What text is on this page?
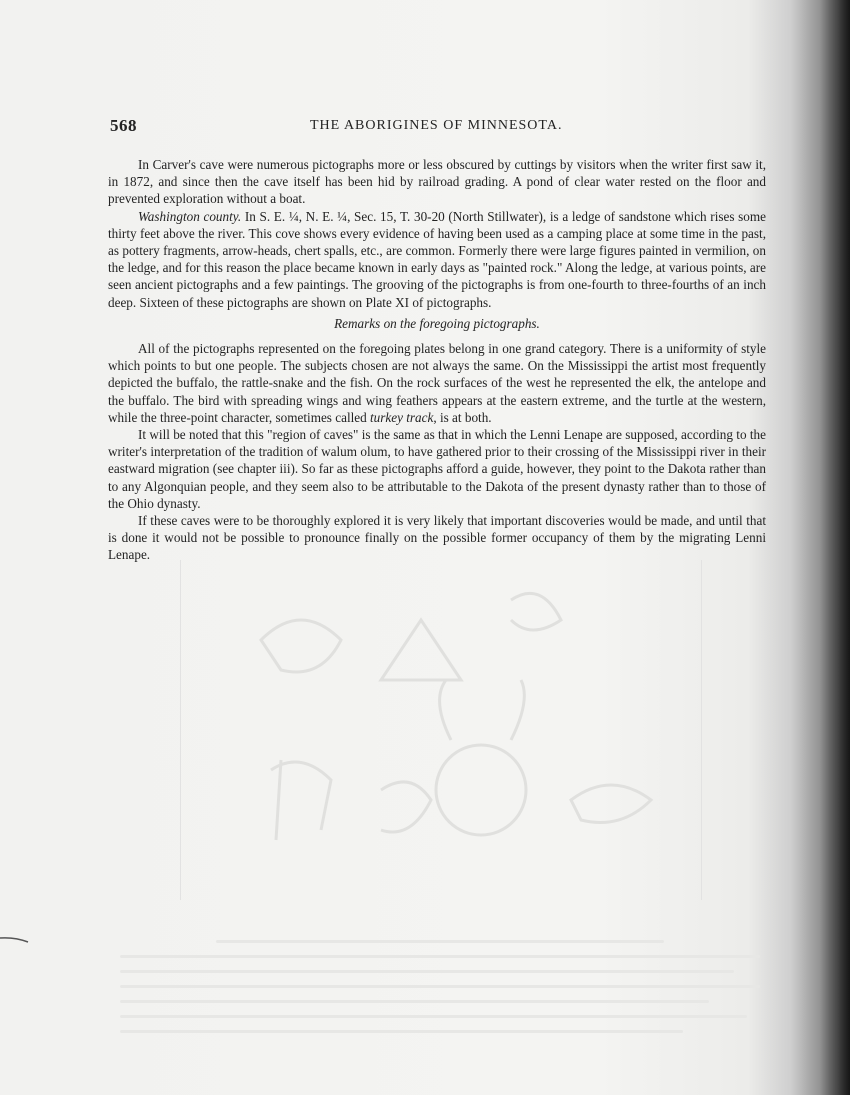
568	THE ABORIGINES OF MINNESOTA.

In Carver's cave were numerous pictographs more or less obscured by cuttings by visitors when the writer first saw it, in 1872, and since then the cave itself has been hid by railroad grading. A pond of clear water rested on the floor and prevented exploration without a boat.

Washington county. In S. E. ¼, N. E. ¼, Sec. 15, T. 30-20 (North Stillwater), is a ledge of sandstone which rises some thirty feet above the river. This cove shows every evidence of having been used as a camping place at some time in the past, as pottery fragments, arrow-heads, chert spalls, etc., are common. Formerly there were large figures painted in vermilion, on the ledge, and for this reason the place became known in early days as "painted rock." Along the ledge, at various points, are seen ancient pictographs and a few paintings. The grooving of the pictographs is from one-fourth to three-fourths of an inch deep. Sixteen of these pictographs are shown on Plate XI of pictographs.

Remarks on the foregoing pictographs.

All of the pictographs represented on the foregoing plates belong in one grand category. There is a uniformity of style which points to but one people. The subjects chosen are not always the same. On the Mississippi the artist most frequently depicted the buffalo, the rattle-snake and the fish. On the rock surfaces of the west he represented the elk, the antelope and the buffalo. The bird with spreading wings and wing feathers appears at the eastern extreme, and the turtle at the western, while the three-point character, sometimes called turkey track, is at both.

It will be noted that this "region of caves" is the same as that in which the Lenni Lenape are supposed, according to the writer's interpretation of the tradition of walum olum, to have gathered prior to their crossing of the Mississippi river in their eastward migration (see chapter iii). So far as these pictographs afford a guide, however, they point to the Dakota rather than to any Algonquian people, and they seem also to be attributable to the Dakota of the present dynasty rather than to those of the Ohio dynasty.

If these caves were to be thoroughly explored it is very likely that important discoveries would be made, and until that is done it would not be possible to pronounce finally on the possible former occupancy of them by the migrating Lenni Lenape.
